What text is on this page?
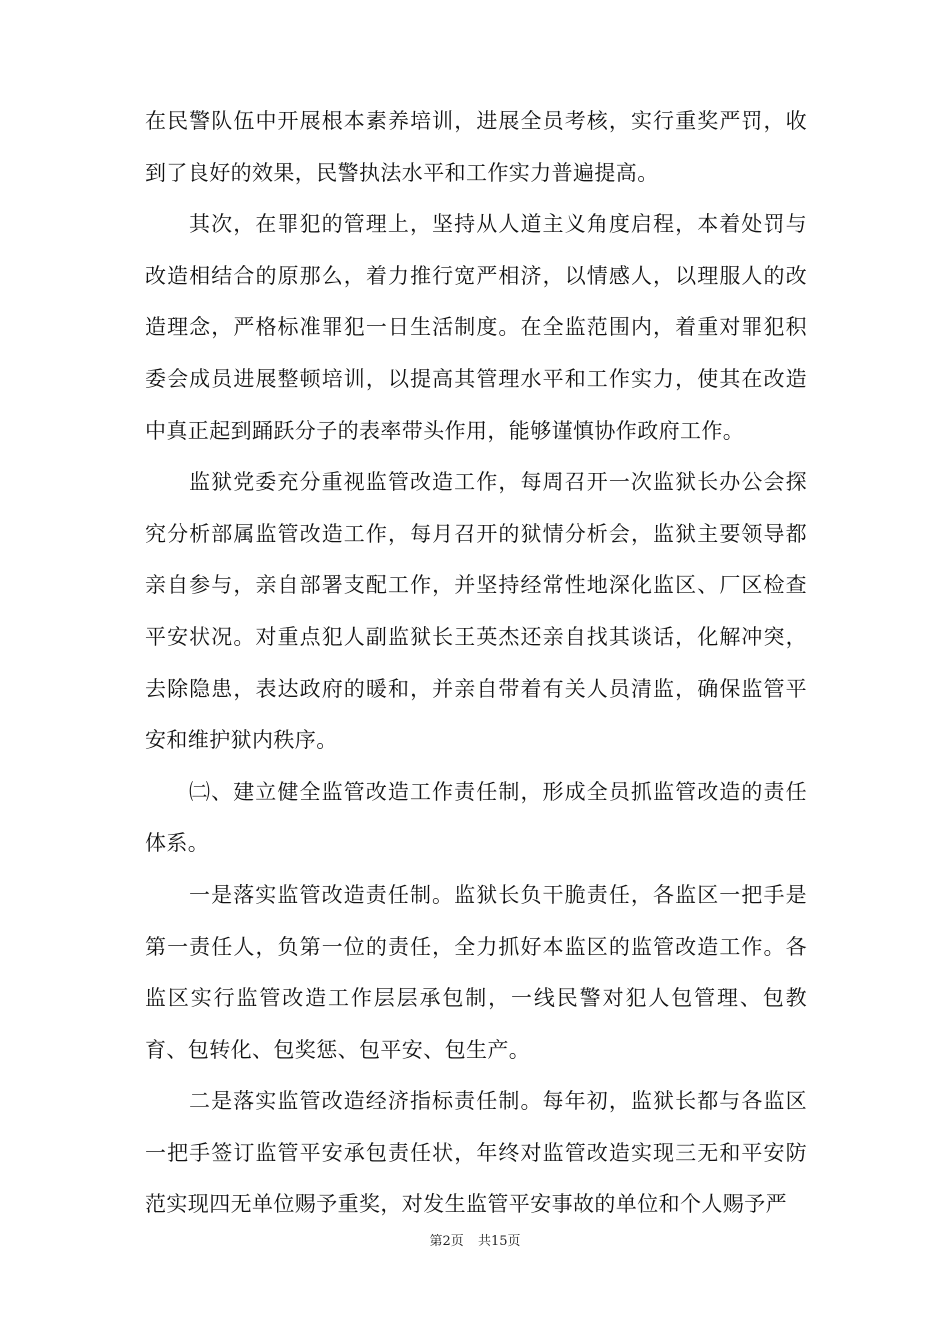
在民警队伍中开展根本素养培训，进展全员考核，实行重奖严罚，收到了良好的效果，民警执法水平和工作实力普遍提高。

其次，在罪犯的管理上，坚持从人道主义角度启程，本着处罚与改造相结合的原那么，着力推行宽严相济，以情感人，以理服人的改造理念，严格标准罪犯一日生活制度。在全监范围内，着重对罪犯积委会成员进展整顿培训，以提高其管理水平和工作实力，使其在改造中真正起到踊跃分子的表率带头作用，能够谨慎协作政府工作。

监狱党委充分重视监管改造工作，每周召开一次监狱长办公会探究分析部属监管改造工作，每月召开的狱情分析会，监狱主要领导都亲自参与，亲自部署支配工作，并坚持经常性地深化监区、厂区检查平安状况。对重点犯人副监狱长王英杰还亲自找其谈话，化解冲突，去除隐患，表达政府的暖和，并亲自带着有关人员清监，确保监管平安和维护狱内秩序。

㈡、建立健全监管改造工作责任制，形成全员抓监管改造的责任体系。

一是落实监管改造责任制。监狱长负干脆责任，各监区一把手是第一责任人，负第一位的责任，全力抓好本监区的监管改造工作。各监区实行监管改造工作层层承包制，一线民警对犯人包管理、包教育、包转化、包奖惩、包平安、包生产。

二是落实监管改造经济指标责任制。每年初，监狱长都与各监区一把手签订监管平安承包责任状，年终对监管改造实现三无和平安防范实现四无单位赐予重奖，对发生监管平安事故的单位和个人赐予严

第2页 共15页
